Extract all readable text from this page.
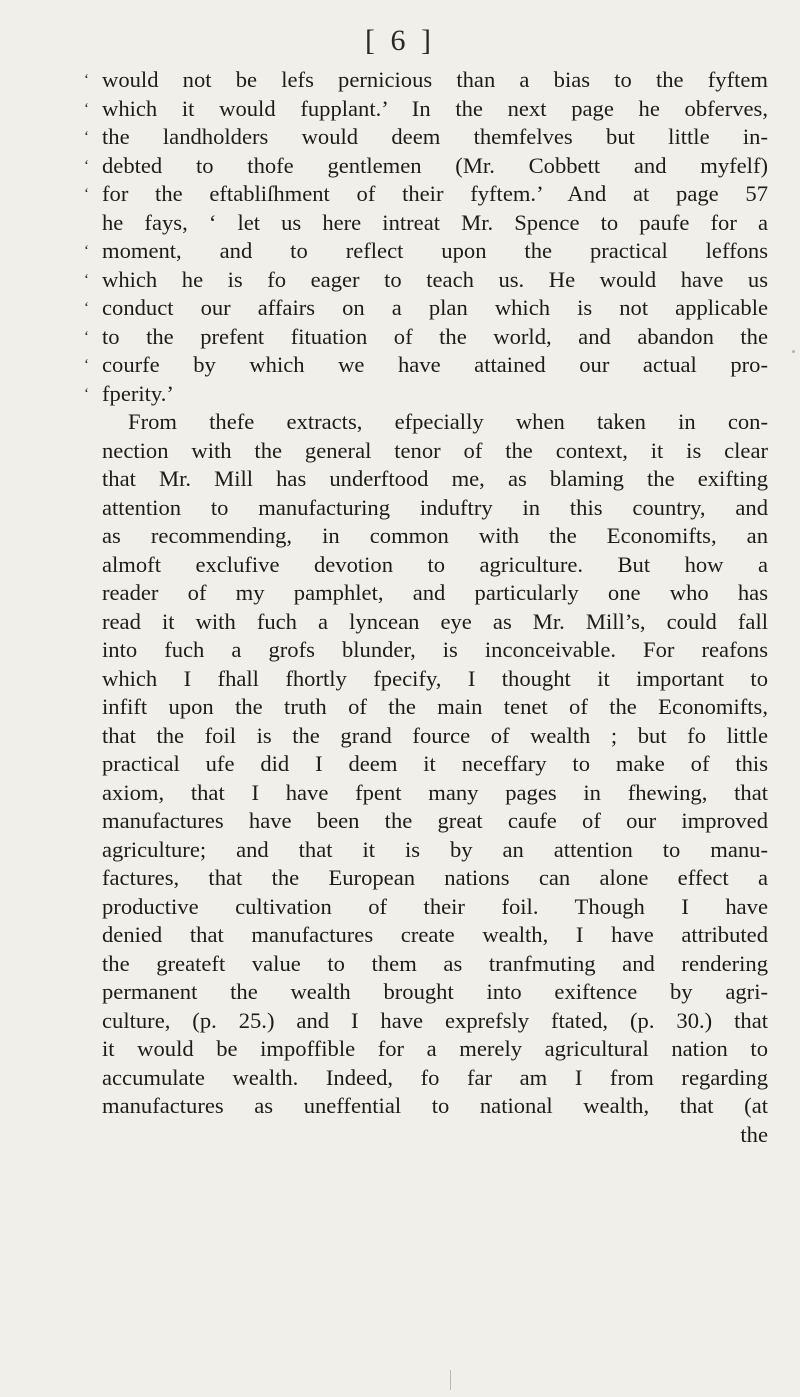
[ 6 ]
‘ would not be lefs pernicious than a bias to the fyftem
‘ which it would fupplant.’ In the next page he obferves,
‘ the landholders would deem themfelves but little in-
‘ debted to thofe gentlemen (Mr. Cobbett and myfelf)
‘ for the eftabliſhment of their fyftem.’ And at page 57
he fays, ‘ let us here intreat Mr. Spence to paufe for a
‘ moment, and to reflect upon the practical leffons
‘ which he is fo eager to teach us. He would have us
‘ conduct our affairs on a plan which is not applicable
‘ to the prefent fituation of the world, and abandon the
‘ courfe by which we have attained our actual pro-
‘ fperity.’
From thefe extracts, efpecially when taken in con-
nection with the general tenor of the context, it is clear
that Mr. Mill has underftood me, as blaming the exifting
attention to manufacturing induftry in this country, and
as recommending, in common with the Economifts, an
almoft exclufive devotion to agriculture. But how a
reader of my pamphlet, and particularly one who has
read it with fuch a lyncean eye as Mr. Mill’s, could fall
into fuch a grofs blunder, is inconceivable. For reafons
which I fhall fhortly fpecify, I thought it important to
infift upon the truth of the main tenet of the Economifts,
that the foil is the grand fource of wealth ; but fo little
practical ufe did I deem it neceffary to make of this
axiom, that I have fpent many pages in fhewing, that
manufactures have been the great caufe of our improved
agriculture; and that it is by an attention to manu-
factures, that the European nations can alone effect a
productive cultivation of their foil. Though I have
denied that manufactures create wealth, I have attributed
the greateft value to them as tranfmuting and rendering
permanent the wealth brought into exiftence by agri-
culture, (p. 25.) and I have exprefsly ftated, (p. 30.) that
it would be impoffible for a merely agricultural nation to
accumulate wealth. Indeed, fo far am I from regarding
manufactures as uneffential to national wealth, that (at
the
